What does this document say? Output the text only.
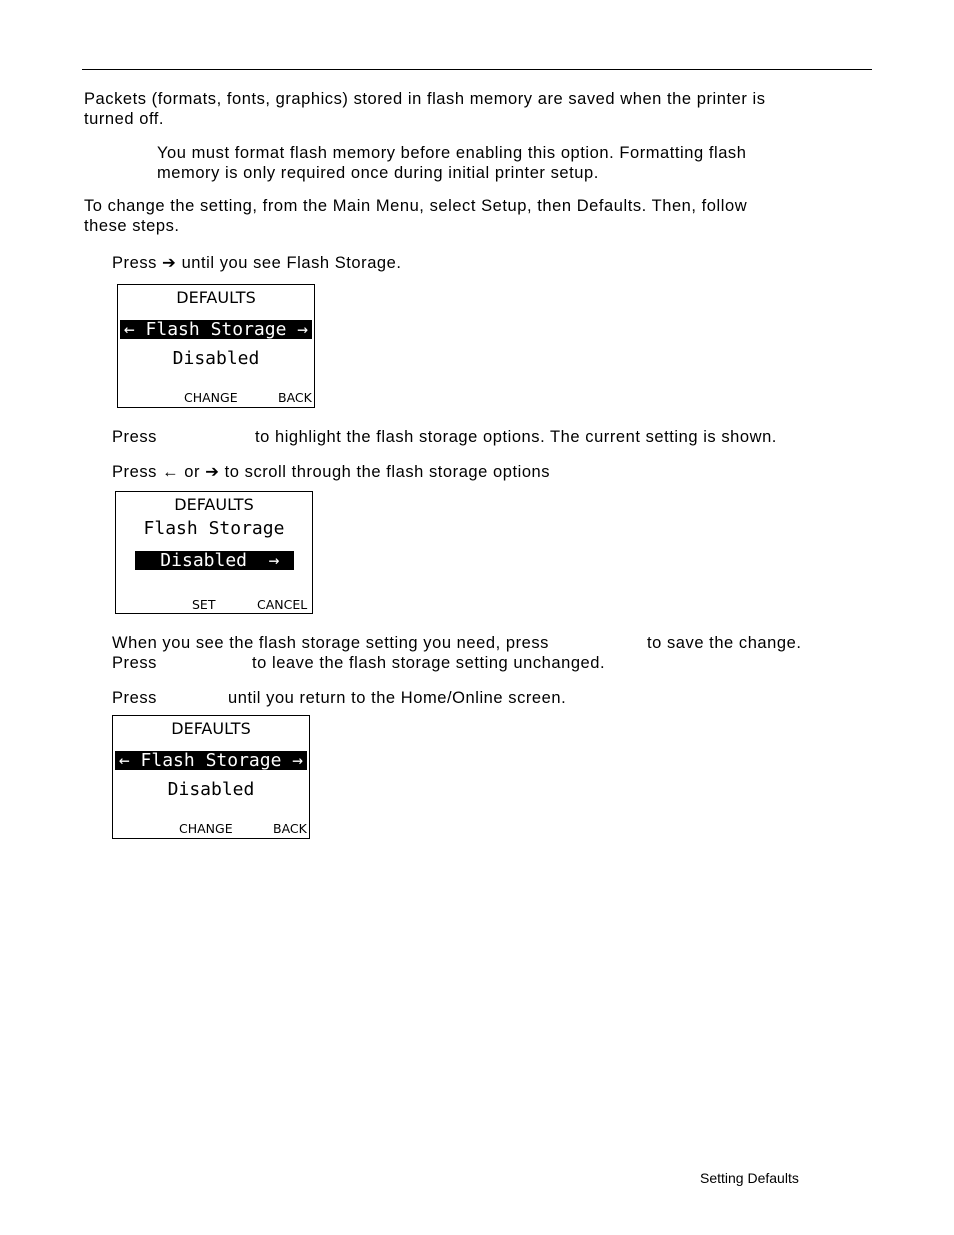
Packets (formats, fonts, graphics) stored in flash memory are saved when the printer is
turned off.
You must format flash memory before enabling this option. Formatting flash
memory is only required once during initial printer setup.
To change the setting, from the Main Menu, select Setup, then Defaults. Then, follow
these steps.
Press ➔ until you see Flash Storage.
DEFAULTS
← Flash Storage →
Disabled
CHANGE	BACK
Press	to highlight the flash storage options. The current setting is shown.
Press ← or ➔ to scroll through the flash storage options
DEFAULTS
Flash Storage
Disabled  →
SET	CANCEL
When you see the flash storage setting you need, press	to save the change.
Press	to leave the flash storage setting unchanged.
Press	until you return to the Home/Online screen.
DEFAULTS
← Flash Storage →
Disabled
CHANGE	BACK
Setting Defaults
